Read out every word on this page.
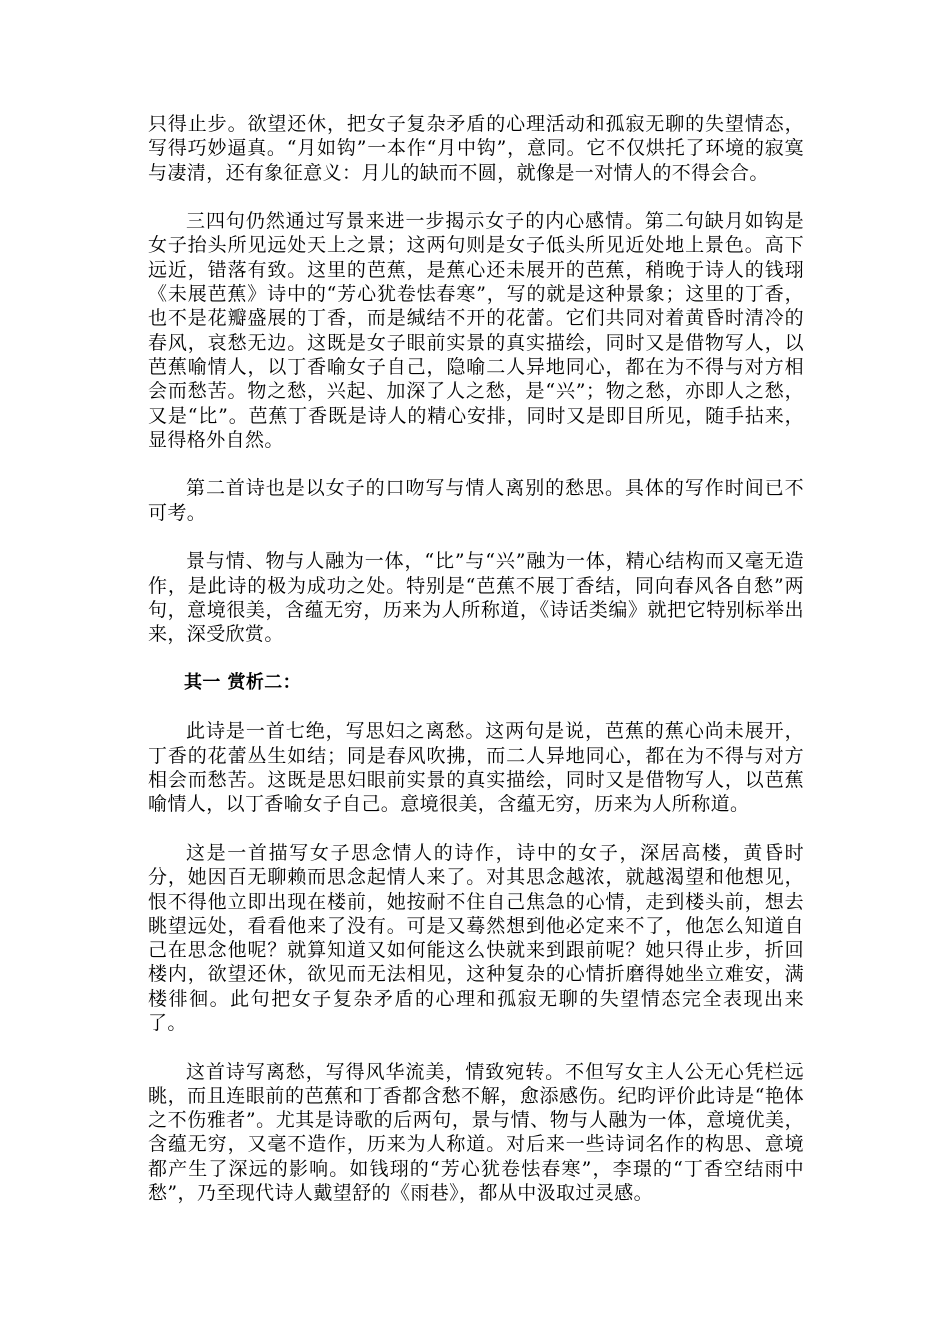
只得止步。欲望还休，把女子复杂矛盾的心理活动和孤寂无聊的失望情态，写得巧妙逼真。“月如钩”一本作“月中钩”，意同。它不仅烘托了环境的寂寞与凄清，还有象征意义：月儿的缺而不圆，就像是一对情人的不得会合。

三四句仍然通过写景来进一步揭示女子的内心感情。第二句缺月如钩是女子抬头所见远处天上之景；这两句则是女子低头所见近处地上景色。高下远近，错落有致。这里的芭蕉，是蕉心还未展开的芭蕉，稍晚于诗人的钱珝《未展芭蕉》诗中的“芳心犹卷怯春寒”，写的就是这种景象；这里的丁香，也不是花瓣盛展的丁香，而是缄结不开的花蕾。它们共同对着黄昏时清冷的春风，哀愁无边。这既是女子眼前实景的真实描绘，同时又是借物写人，以芭蕉喻情人，以丁香喻女子自己，隐喻二人异地同心，都在为不得与对方相会而愁苦。物之愁，兴起、加深了人之愁，是“兴”；物之愁，亦即人之愁，又是“比”。芭蕉丁香既是诗人的精心安排，同时又是即目所见，随手拈来，显得格外自然。

第二首诗也是以女子的口吻写与情人离别的愁思。具体的写作时间已不可考。

景与情、物与人融为一体，“比”与“兴”融为一体，精心结构而又毫无造作，是此诗的极为成功之处。特别是“芭蕉不展丁香结，同向春风各自愁”两句，意境很美，含蕴无穷，历来为人所称道，《诗话类编》就把它特别标举出来，深受欣赏。

其一 赏析二：

此诗是一首七绝，写思妇之离愁。这两句是说，芭蕉的蕉心尚未展开，丁香的花蕾丛生如结；同是春风吹拂，而二人异地同心，都在为不得与对方相会而愁苦。这既是思妇眼前实景的真实描绘，同时又是借物写人，以芭蕉喻情人，以丁香喻女子自己。意境很美，含蕴无穷，历来为人所称道。

这是一首描写女子思念情人的诗作，诗中的女子，深居高楼，黄昏时分，她因百无聊赖而思念起情人来了。对其思念越浓，就越渴望和他想见，恨不得他立即出现在楼前，她按耐不住自己焦急的心情，走到楼头前，想去眺望远处，看看他来了没有。可是又蓦然想到他必定来不了，他怎么知道自己在思念他呢？就算知道又如何能这么快就来到跟前呢？她只得止步，折回楼内，欲望还休，欲见而无法相见，这种复杂的心情折磨得她坐立难安，满楼徘徊。此句把女子复杂矛盾的心理和孤寂无聊的失望情态完全表现出来了。

这首诗写离愁，写得风华流美，情致宛转。不但写女主人公无心凭栏远眺，而且连眼前的芭蕉和丁香都含愁不解，愈添感伤。纪昀评价此诗是“艳体之不伤雅者”。尤其是诗歌的后两句，景与情、物与人融为一体，意境优美，含蕴无穷，又毫不造作，历来为人称道。对后来一些诗词名作的构思、意境都产生了深远的影响。如钱珝的“芳心犹卷怯春寒”，李璟的“丁香空结雨中愁”，乃至现代诗人戴望舒的《雨巷》，都从中汲取过灵感。
